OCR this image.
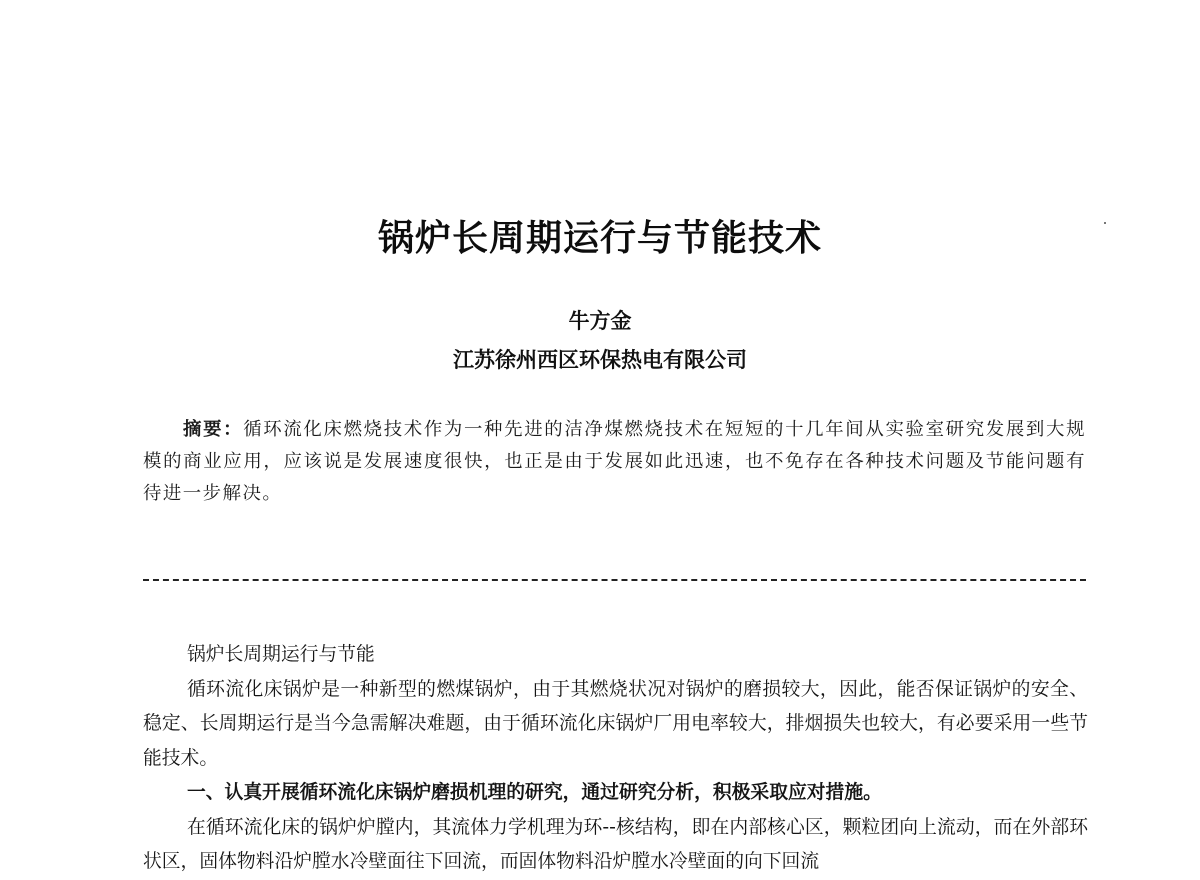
锅炉长周期运行与节能技术
牛方金
江苏徐州西区环保热电有限公司
摘要：循环流化床燃烧技术作为一种先进的洁净煤燃烧技术在短短的十几年间从实验室研究发展到大规模的商业应用，应该说是发展速度很快，也正是由于发展如此迅速，也不免存在各种技术问题及节能问题有待进一步解决。

锅炉长周期运行与节能

循环流化床锅炉是一种新型的燃煤锅炉，由于其燃烧状况对锅炉的磨损较大，因此，能否保证锅炉的安全、稳定、长周期运行是当今急需解决难题，由于循环流化床锅炉厂用电率较大，排烟损失也较大，有必要采用一些节能技术。

一、认真开展循环流化床锅炉磨损机理的研究，通过研究分析，积极采取应对措施。

在循环流化床的锅炉炉膛内，其流体力学机理为环--核结构，即在内部核心区，颗粒团向上流动，而在外部环状区，固体物料沿炉膛水冷壁面往下回流，而固体物料沿炉膛水冷壁面的向下回流
